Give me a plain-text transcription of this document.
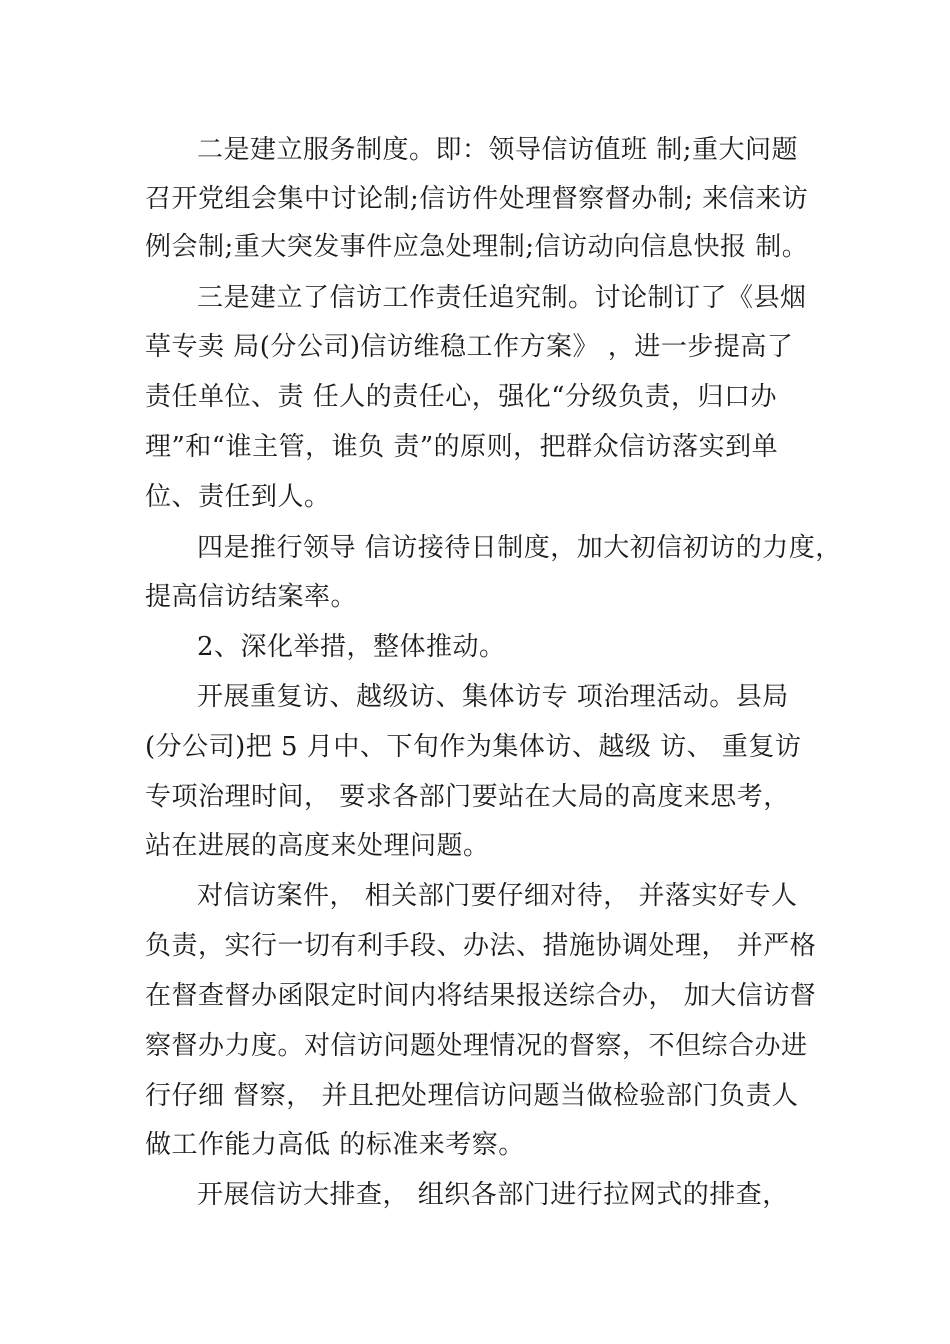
二是建立服务制度。即：领导信访值班 制;重大问题
召开党组会集中讨论制;信访件处理督察督办制; 来信来访
例会制;重大突发事件应急处理制;信访动向信息快报 制。
三是建立了信访工作责任追究制。讨论制订了《县烟
草专卖 局(分公司)信访维稳工作方案》 ，进一步提高了
责任单位、责 任人的责任心，强化“分级负责，归口办
理”和“谁主管，谁负 责”的原则，把群众信访落实到单
位、责任到人。
四是推行领导 信访接待日制度，加大初信初访的力度，
提高信访结案率。
2、深化举措，整体推动。
开展重复访、越级访、集体访专 项治理活动。县局
(分公司)把 5 月中、下旬作为集体访、越级 访、 重复访
专项治理时间， 要求各部门要站在大局的高度来思考，
站在进展的高度来处理问题。
对信访案件， 相关部门要仔细对待， 并落实好专人
负责，实行一切有利手段、办法、措施协调处理， 并严格
在督查督办函限定时间内将结果报送综合办， 加大信访督
察督办力度。对信访问题处理情况的督察，不但综合办进
行仔细 督察， 并且把处理信访问题当做检验部门负责人
做工作能力高低 的标准来考察。
开展信访大排查， 组织各部门进行拉网式的排查，
